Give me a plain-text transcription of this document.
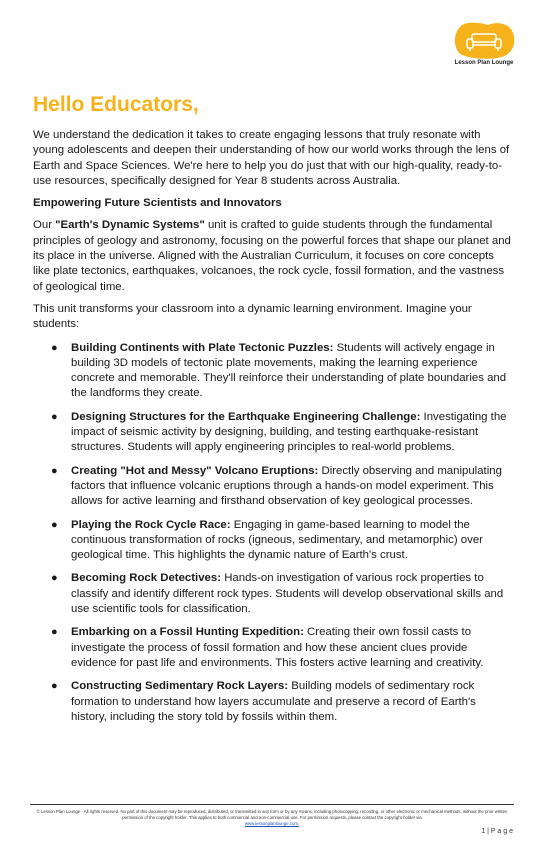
Lesson Plan Lounge
Hello Educators,

We understand the dedication it takes to create engaging lessons that truly resonate with young adolescents and deepen their understanding of how our world works through the lens of Earth and Space Sciences. We're here to help you do just that with our high-quality, ready-to-use resources, specifically designed for Year 8 students across Australia.

Empowering Future Scientists and Innovators

Our "Earth's Dynamic Systems" unit is crafted to guide students through the fundamental principles of geology and astronomy, focusing on the powerful forces that shape our planet and its place in the universe. Aligned with the Australian Curriculum, it focuses on core concepts like plate tectonics, earthquakes, volcanoes, the rock cycle, fossil formation, and the vastness of geological time.

This unit transforms your classroom into a dynamic learning environment. Imagine your students:

● Building Continents with Plate Tectonic Puzzles: Students will actively engage in building 3D models of tectonic plate movements, making the learning experience concrete and memorable. They'll reinforce their understanding of plate boundaries and the landforms they create.
● Designing Structures for the Earthquake Engineering Challenge: Investigating the impact of seismic activity by designing, building, and testing earthquake-resistant structures. Students will apply engineering principles to real-world problems.
● Creating "Hot and Messy" Volcano Eruptions: Directly observing and manipulating factors that influence volcanic eruptions through a hands-on model experiment. This allows for active learning and firsthand observation of key geological processes.
● Playing the Rock Cycle Race: Engaging in game-based learning to model the continuous transformation of rocks (igneous, sedimentary, and metamorphic) over geological time. This highlights the dynamic nature of Earth's crust.
● Becoming Rock Detectives: Hands-on investigation of various rock properties to classify and identify different rock types. Students will develop observational skills and use scientific tools for classification.
● Embarking on a Fossil Hunting Expedition: Creating their own fossil casts to investigate the process of fossil formation and how these ancient clues provide evidence for past life and environments. This fosters active learning and creativity.
● Constructing Sedimentary Rock Layers: Building models of sedimentary rock formation to understand how layers accumulate and preserve a record of Earth's history, including the story told by fossils within them.
© Lesson Plan Lounge - All rights reserved. No part of this document may be reproduced, distributed, or transmitted in any form or by any means, including photocopying, recording, or other electronic or mechanical methods, without the prior written permission of the copyright holder. This applies to both commercial and non-commercial use. For permission requests, please contact the copyright holder via
www.lessonplanlounge.com.
1 | P a g e
